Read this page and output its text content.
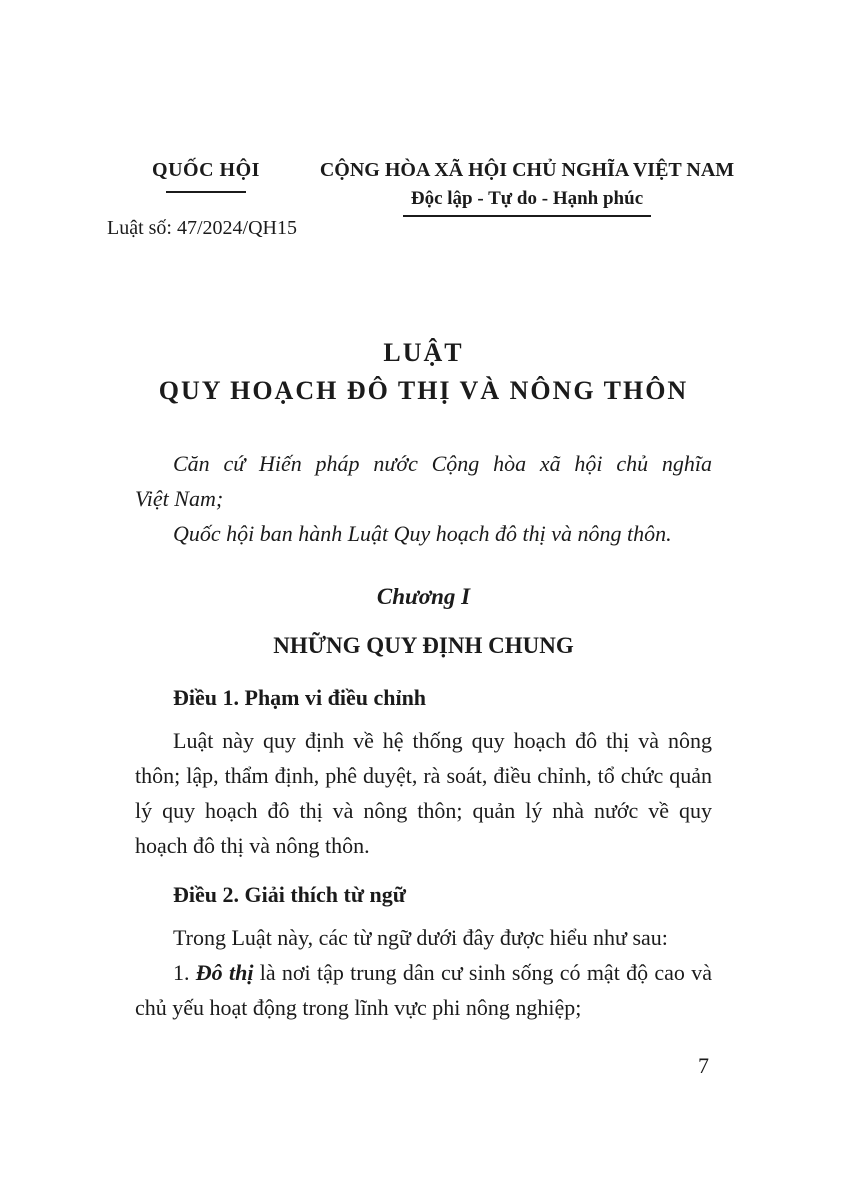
QUỐC HỘI
Luật số: 47/2024/QH15
CỘNG HÒA XÃ HỘI CHỦ NGHĨA VIỆT NAM
Độc lập - Tự do - Hạnh phúc
LUẬT
QUY HOẠCH ĐÔ THỊ VÀ NÔNG THÔN

Căn cứ Hiến pháp nước Cộng hòa xã hội chủ nghĩa Việt Nam;

Quốc hội ban hành Luật Quy hoạch đô thị và nông thôn.

Chương I
NHỮNG QUY ĐỊNH CHUNG

Điều 1. Phạm vi điều chỉnh

Luật này quy định về hệ thống quy hoạch đô thị và nông thôn; lập, thẩm định, phê duyệt, rà soát, điều chỉnh, tổ chức quản lý quy hoạch đô thị và nông thôn; quản lý nhà nước về quy hoạch đô thị và nông thôn.

Điều 2. Giải thích từ ngữ

Trong Luật này, các từ ngữ dưới đây được hiểu như sau:

1. Đô thị là nơi tập trung dân cư sinh sống có mật độ cao và chủ yếu hoạt động trong lĩnh vực phi nông nghiệp;

7
